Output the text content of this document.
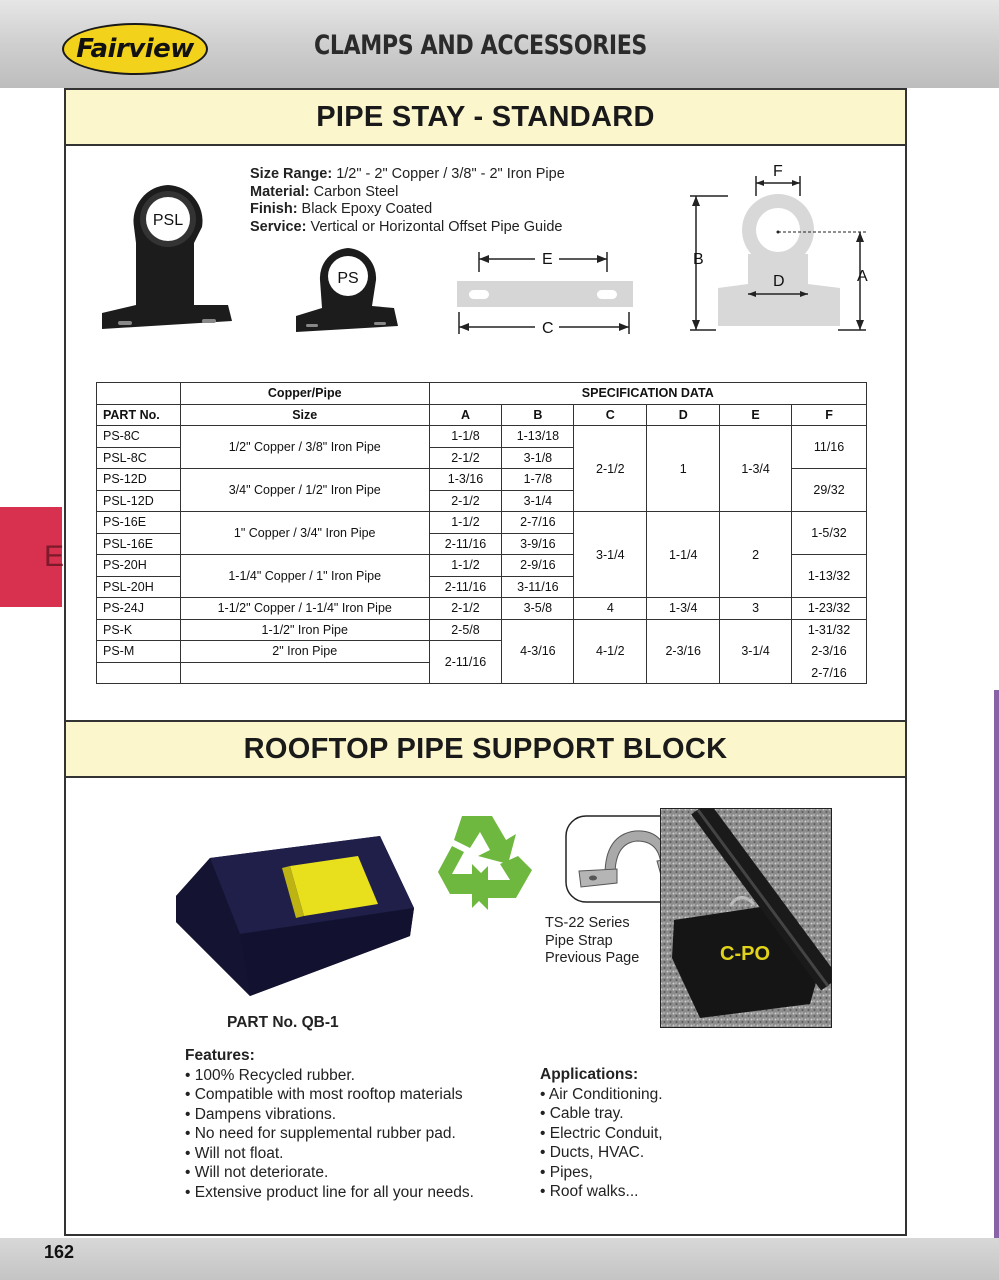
Fairview	CLAMPS AND ACCESSORIES
E
PIPE STAY - STANDARD
PSL
PS
Size Range: 1/2" - 2" Copper / 3/8" - 2" Iron Pipe
Material: Carbon Steel
Finish: Black Epoxy Coated
Service: Vertical or Horizontal Offset Pipe Guide
E
C
F
B
A
D
	Copper/Pipe	SPECIFICATION DATA					
PART No.	Size	A	B	C	D	E	F
PS-8C	1/2" Copper / 3/8" Iron Pipe	1-1/8	1-13/18	2-1/2	1	1-3/4	11/16
PSL-8C		2-1/2	3-1/8				
PS-12D	3/4" Copper / 1/2" Iron Pipe	1-3/16	1-7/8				29/32
PSL-12D		2-1/2	3-1/4				
PS-16E	1" Copper / 3/4" Iron Pipe	1-1/2	2-7/16	3-1/4	1-1/4	2	1-5/32
PSL-16E		2-11/16	3-9/16				
PS-20H	1-1/4" Copper / 1" Iron Pipe	1-1/2	2-9/16				1-13/32
PSL-20H		2-11/16	3-11/16				
PS-24J	1-1/2" Copper / 1-1/4" Iron Pipe	2-1/2	3-5/8	4	1-3/4	3	1-23/32
PS-K	1-1/2" Iron Pipe	2-5/8	4-3/16	4-1/2	2-3/16	3-1/4	1-31/32
PS-M	2" Iron Pipe	2-11/16					2-3/16
							2-7/16
ROOFTOP PIPE SUPPORT BLOCK
PART No. QB-1
TS-22 Series
Pipe Strap
Previous Page	C-PO
Features:
• 100% Recycled rubber.
• Compatible with most rooftop materials
• Dampens vibrations.
• No need for supplemental rubber pad.
• Will not float.
• Will not deteriorate.
• Extensive product line for all your needs.
Applications:
• Air Conditioning.
• Cable tray.
• Electric Conduit,
• Ducts, HVAC.
• Pipes,
• Roof walks...
162
